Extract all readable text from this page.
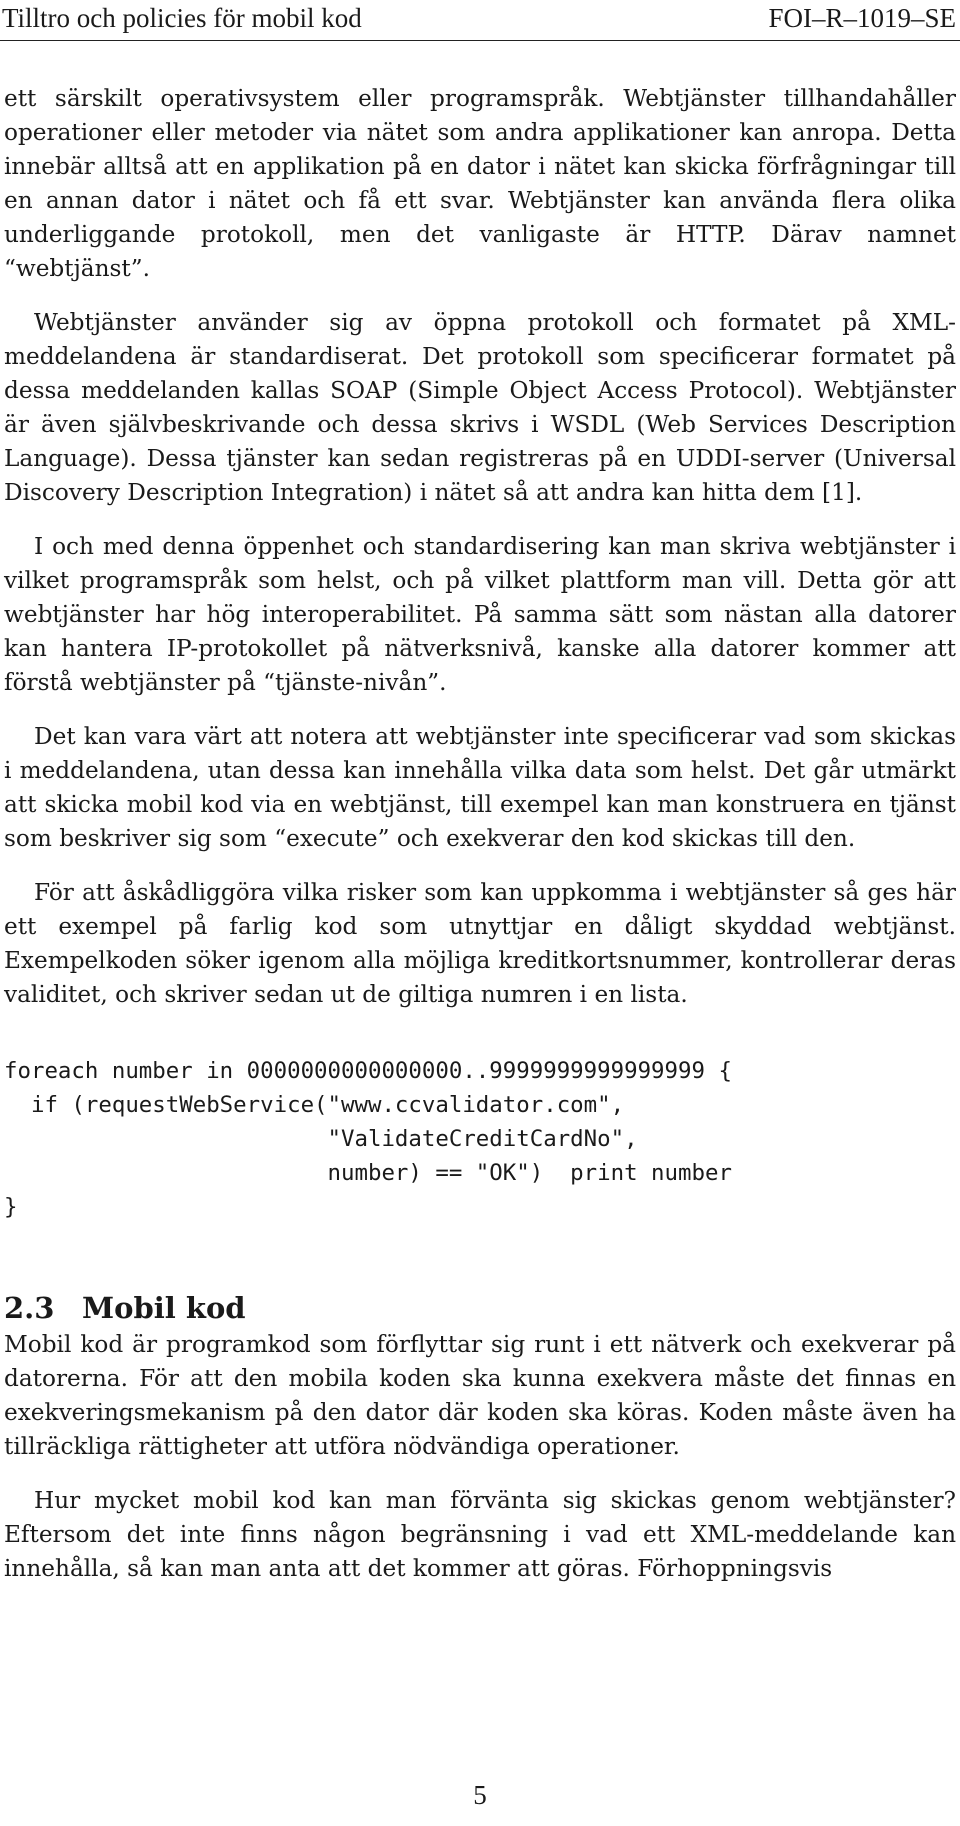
Tilltro och policies för mobil kod	FOI–R–1019–SE

ett särskilt operativsystem eller programspråk. Webtjänster tillhandahåller operationer eller metoder via nätet som andra applikationer kan anropa. Detta innebär alltså att en applikation på en dator i nätet kan skicka förfrågningar till en annan dator i nätet och få ett svar. Webtjänster kan använda flera olika underliggande protokoll, men det vanligaste är HTTP. Därav namnet “webtjänst”.

Webtjänster använder sig av öppna protokoll och formatet på XML-meddelandena är standardiserat. Det protokoll som specificerar formatet på dessa meddelanden kallas SOAP (Simple Object Access Protocol). Webtjänster är även självbeskrivande och dessa skrivs i WSDL (Web Services Description Language). Dessa tjänster kan sedan registreras på en UDDI-server (Universal Discovery Description Integration) i nätet så att andra kan hitta dem [1].

I och med denna öppenhet och standardisering kan man skriva webtjänster i vilket programspråk som helst, och på vilket plattform man vill. Detta gör att webtjänster har hög interoperabilitet. På samma sätt som nästan alla datorer kan hantera IP-protokollet på nätverksnivå, kanske alla datorer kommer att förstå webtjänster på “tjänste-nivån”.

Det kan vara värt att notera att webtjänster inte specificerar vad som skickas i meddelandena, utan dessa kan innehålla vilka data som helst. Det går utmärkt att skicka mobil kod via en webtjänst, till exempel kan man konstruera en tjänst som beskriver sig som “execute” och exekverar den kod skickas till den.

För att åskådliggöra vilka risker som kan uppkomma i webtjänster så ges här ett exempel på farlig kod som utnyttjar en dåligt skyddad webtjänst. Exempelkoden söker igenom alla möjliga kreditkortsnummer, kontrollerar deras validitet, och skriver sedan ut de giltiga numren i en lista.

foreach number in 0000000000000000..9999999999999999 {
if (requestWebService("www.ccvalidator.com",
"ValidateCreditCardNo",
number) == "OK")  print number
}
2.3 Mobil kod

Mobil kod är programkod som förflyttar sig runt i ett nätverk och exekverar på datorerna. För att den mobila koden ska kunna exekvera måste det finnas en exekveringsmekanism på den dator där koden ska köras. Koden måste även ha tillräckliga rättigheter att utföra nödvändiga operationer.

Hur mycket mobil kod kan man förvänta sig skickas genom webtjänster? Eftersom det inte finns någon begränsning i vad ett XML-meddelande kan innehålla, så kan man anta att det kommer att göras. Förhoppningsvis

5
